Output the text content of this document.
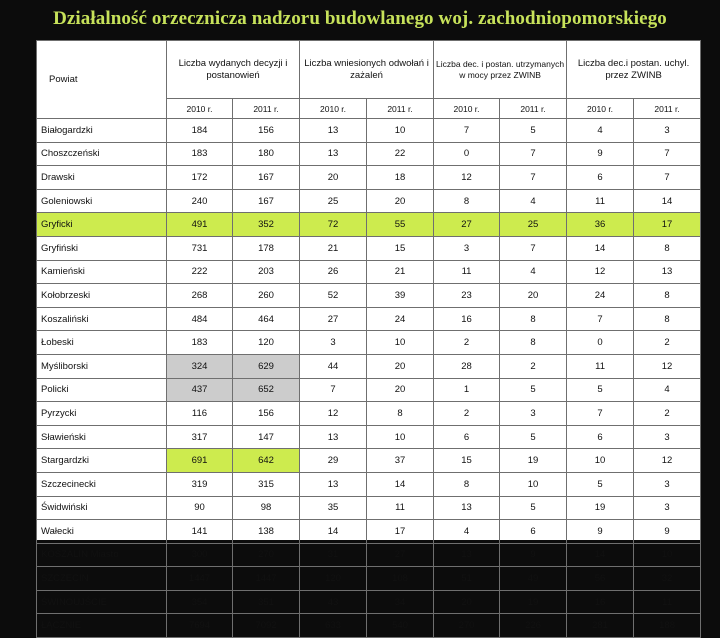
Działalność orzecznicza nadzoru budowlanego woj. zachodniopomorskiego
Powiat	Liczba wydanych decyzji i postanowień		Liczba wniesionych odwołań i zażaleń		Liczba dec. i postan. utrzymanych w mocy przez ZWINB		Liczba dec.i postan. uchyl. przez ZWINB	
	2010 r.	2011 r.	2010 r.	2011 r.	2010 r.	2011 r.	2010 r.	2011 r.
Białogardzki	184	156	13	10	7	5	4	3
Choszczeński	183	180	13	22	0	7	9	7
Drawski	172	167	20	18	12	7	6	7
Goleniowski	240	167	25	20	8	4	11	14
Gryficki	491	352	72	55	27	25	36	17
Gryfiński	731	178	21	15	3	7	14	8
Kamieński	222	203	26	21	11	4	12	13
Kołobrzeski	268	260	52	39	23	20	24	8
Koszaliński	484	464	27	24	16	8	7	8
Łobeski	183	120	3	10	2	8	0	2
Myśliborski	324	629	44	20	28	2	11	12
Policki	437	652	7	20	1	5	5	4
Pyrzycki	116	156	12	8	2	3	7	2
Sławieński	317	147	13	10	6	5	6	3
Stargardzki	691	642	29	37	15	19	10	12
Szczecinecki	319	315	13	14	8	10	5	3
Świdwiński	90	98	35	11	13	5	19	3
Wałecki	141	138	14	17	4	6	9	9
KOSZALIN Miasto	300	270	31	27	13	9	14	10
SZCZECIN	1447	1447	120	108	51	49	56	32
ŚWINOUJŚCIE	354	351	43	34	20	19	16	11
ŁĄCZNIE	7694	7092	633	540	270	226	281	188
